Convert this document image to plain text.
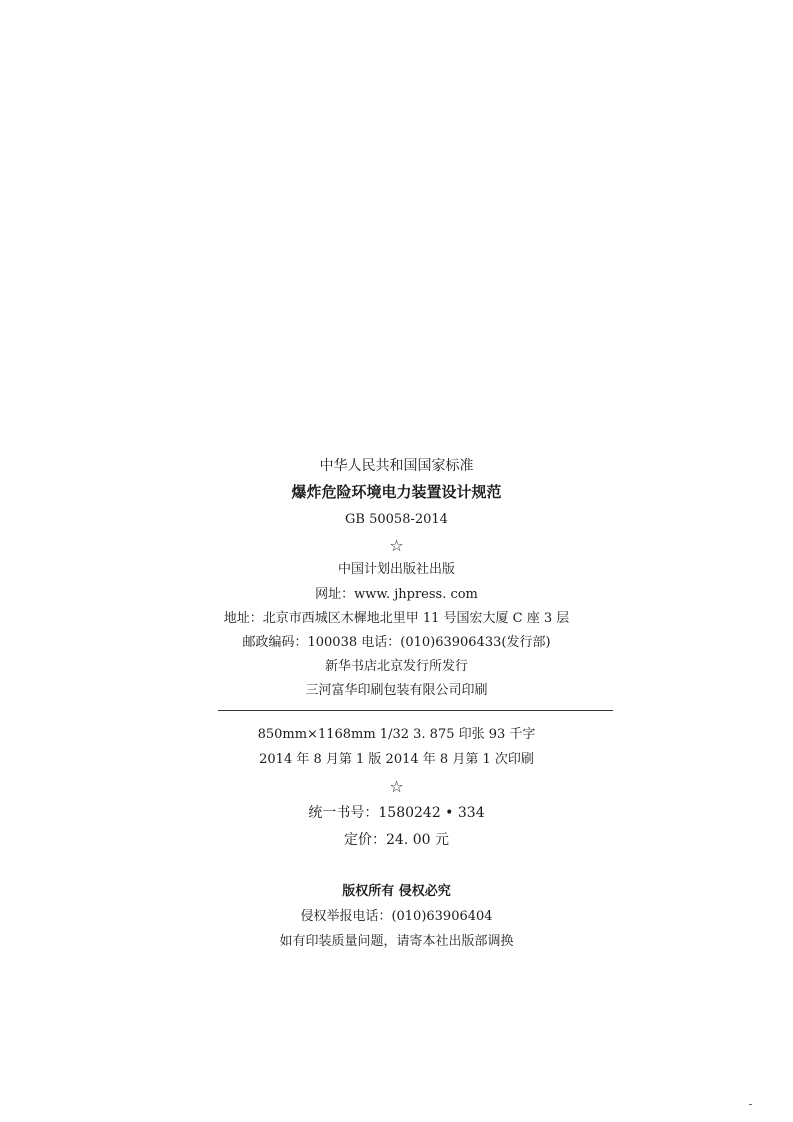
中华人民共和国国家标准
爆炸危险环境电力装置设计规范
GB 50058-2014
☆
中国计划出版社出版
网址：www. jhpress. com
地址：北京市西城区木樨地北里甲 11 号国宏大厦 C 座 3 层
邮政编码：100038 电话：(010)63906433(发行部)
新华书店北京发行所发行
三河富华印刷包装有限公司印刷
850mm×1168mm 1/32 3. 875 印张 93 千字
2014 年 8 月第 1 版 2014 年 8 月第 1 次印刷
☆
统一书号：1580242 • 334
定价：24. 00 元
版权所有 侵权必究
侵权举报电话：(010)63906404
如有印装质量问题，请寄本社出版部调换
